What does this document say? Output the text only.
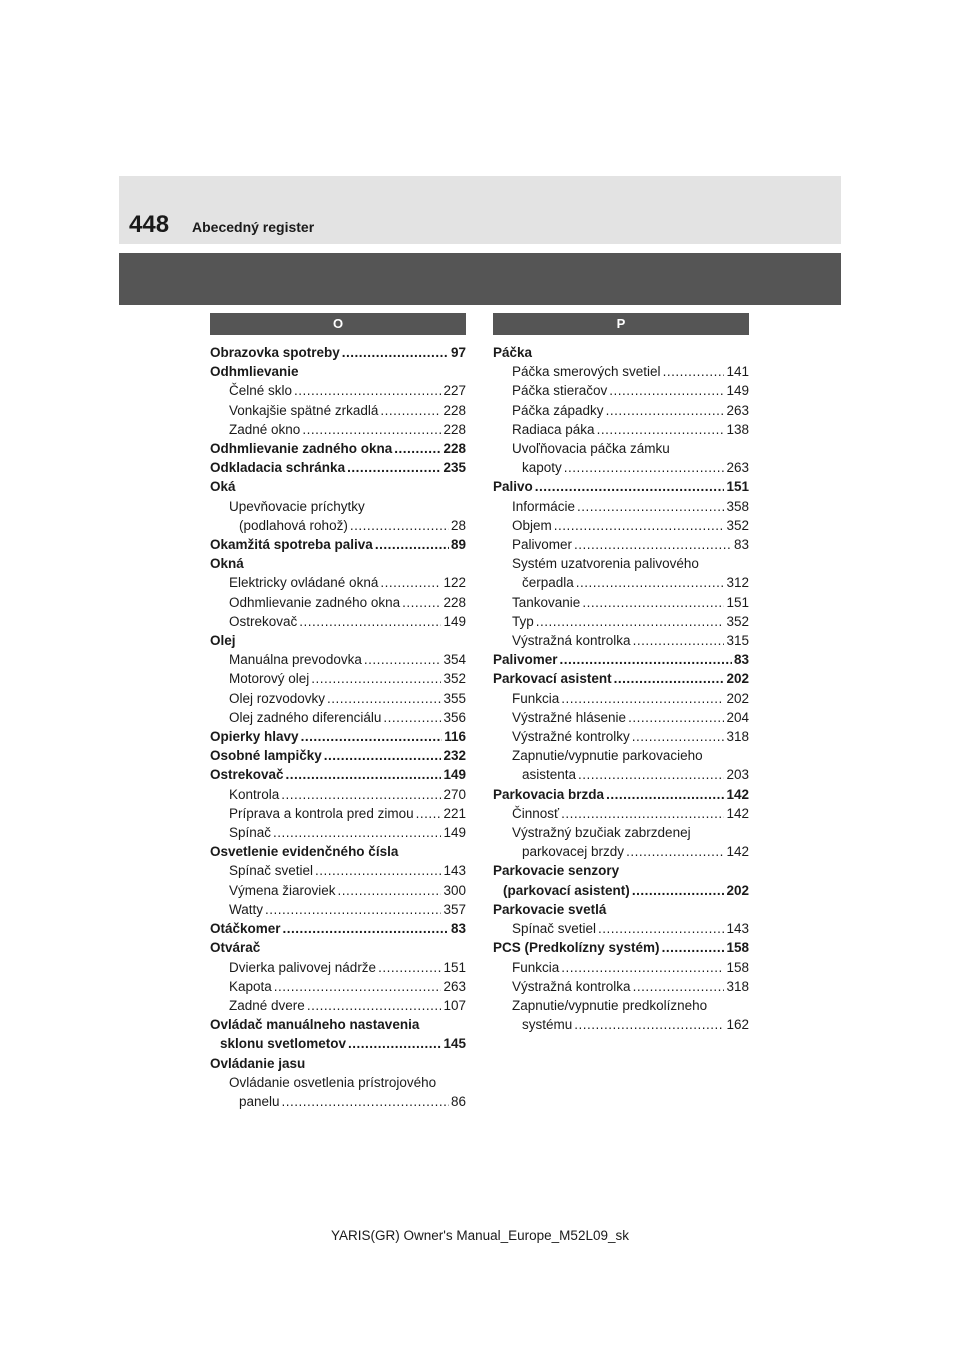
448 Abecedný register
O
Obrazovka spotreby .....	97
Odhmlievanie
Čelné sklo .....	227
Vonkajšie spätné zrkadlá .....	228
Zadné okno .....	228
Odhmlievanie zadného okna .....	228
Odkladacia schránka .....	235
Oká
Upevňovacie príchytky
(podlahová rohož) .....	28
Okamžitá spotreba paliva .....	89
Okná
Elektricky ovládané okná .....	122
Odhmlievanie zadného okna .....	228
Ostrekovač .....	149
Olej
Manuálna prevodovka .....	354
Motorový olej .....	352
Olej rozvodovky .....	355
Olej zadného diferenciálu .....	356
Opierky hlavy .....	116
Osobné lampičky .....	232
Ostrekovač .....	149
Kontrola .....	270
Príprava a kontrola pred zimou ..... 221
Spínač .....	149
Osvetlenie evidenčného čísla
Spínač svetiel .....	143
Výmena žiaroviek .....	300
Watty .....	357
Otáčkomer .....	83
Otvárač
Dvierka palivovej nádrže .....	151
Kapota .....	263
Zadné dvere .....	107
Ovládač manuálneho nastavenia
sklonu svetlometov .....	145
Ovládanie jasu
Ovládanie osvetlenia prístrojového
panelu .....	86
P
Páčka
Páčka smerových svetiel .....	141
Páčka stieračov .....	149
Páčka západky .....	263
Radiaca páka .....	138
Uvoľňovacia páčka zámku
kapoty .....	263
Palivo .....	151
Informácie .....	358
Objem .....	352
Palivomer .....	83
Systém uzatvorenia palivového
čerpadla .....	312
Tankovanie .....	151
Typ .....	352
Výstražná kontrolka .....	315
Palivomer .....	83
Parkovací asistent .....	202
Funkcia .....	202
Výstražné hlásenie .....	204
Výstražné kontrolky .....	318
Zapnutie/vypnutie parkovacieho
asistenta .....	203
Parkovacia brzda .....	142
Činnosť .....	142
Výstražný bzučiak zabrzdenej
parkovacej brzdy .....	142
Parkovacie senzory
(parkovací asistent) .....	202
Parkovacie svetlá
Spínač svetiel .....	143
PCS (Predkolízny systém) .....	158
Funkcia .....	158
Výstražná kontrolka .....	318
Zapnutie/vypnutie predkolízneho
systému .....	162
YARIS(GR) Owner's Manual_Europe_M52L09_sk
